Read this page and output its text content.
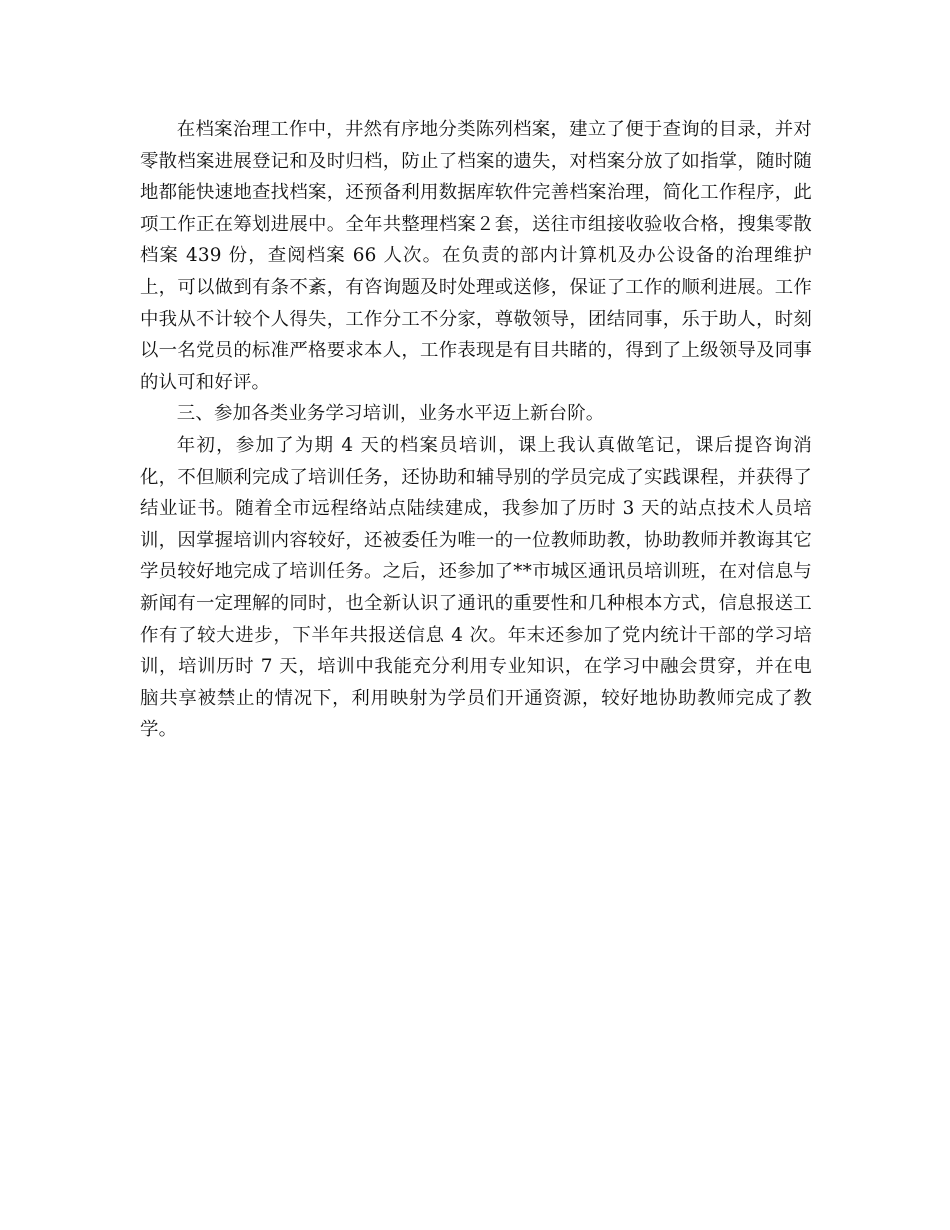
在档案治理工作中，井然有序地分类陈列档案，建立了便于查询的目录，并对零散档案进展登记和及时归档，防止了档案的遗失，对档案分放了如指掌，随时随地都能快速地查找档案，还预备利用数据库软件完善档案治理，简化工作程序，此项工作正在筹划进展中。全年共整理档案２套，送往市组接收验收合格，搜集零散档案 439 份，查阅档案 66 人次。在负责的部内计算机及办公设备的治理维护上，可以做到有条不紊，有咨询题及时处理或送修，保证了工作的顺利进展。工作中我从不计较个人得失，工作分工不分家，尊敬领导，团结同事，乐于助人，时刻以一名党员的标准严格要求本人，工作表现是有目共睹的，得到了上级领导及同事的认可和好评。

三、参加各类业务学习培训，业务水平迈上新台阶。

年初，参加了为期 4 天的档案员培训，课上我认真做笔记，课后提咨询消化，不但顺利完成了培训任务，还协助和辅导别的学员完成了实践课程，并获得了结业证书。随着全市远程络站点陆续建成，我参加了历时 3 天的站点技术人员培训，因掌握培训内容较好，还被委任为唯一的一位教师助教，协助教师并教诲其它学员较好地完成了培训任务。之后，还参加了**市城区通讯员培训班，在对信息与新闻有一定理解的同时，也全新认识了通讯的重要性和几种根本方式，信息报送工作有了较大进步，下半年共报送信息 4 次。年末还参加了党内统计干部的学习培训，培训历时 7 天，培训中我能充分利用专业知识，在学习中融会贯穿，并在电脑共享被禁止的情况下，利用映射为学员们开通资源，较好地协助教师完成了教学。
